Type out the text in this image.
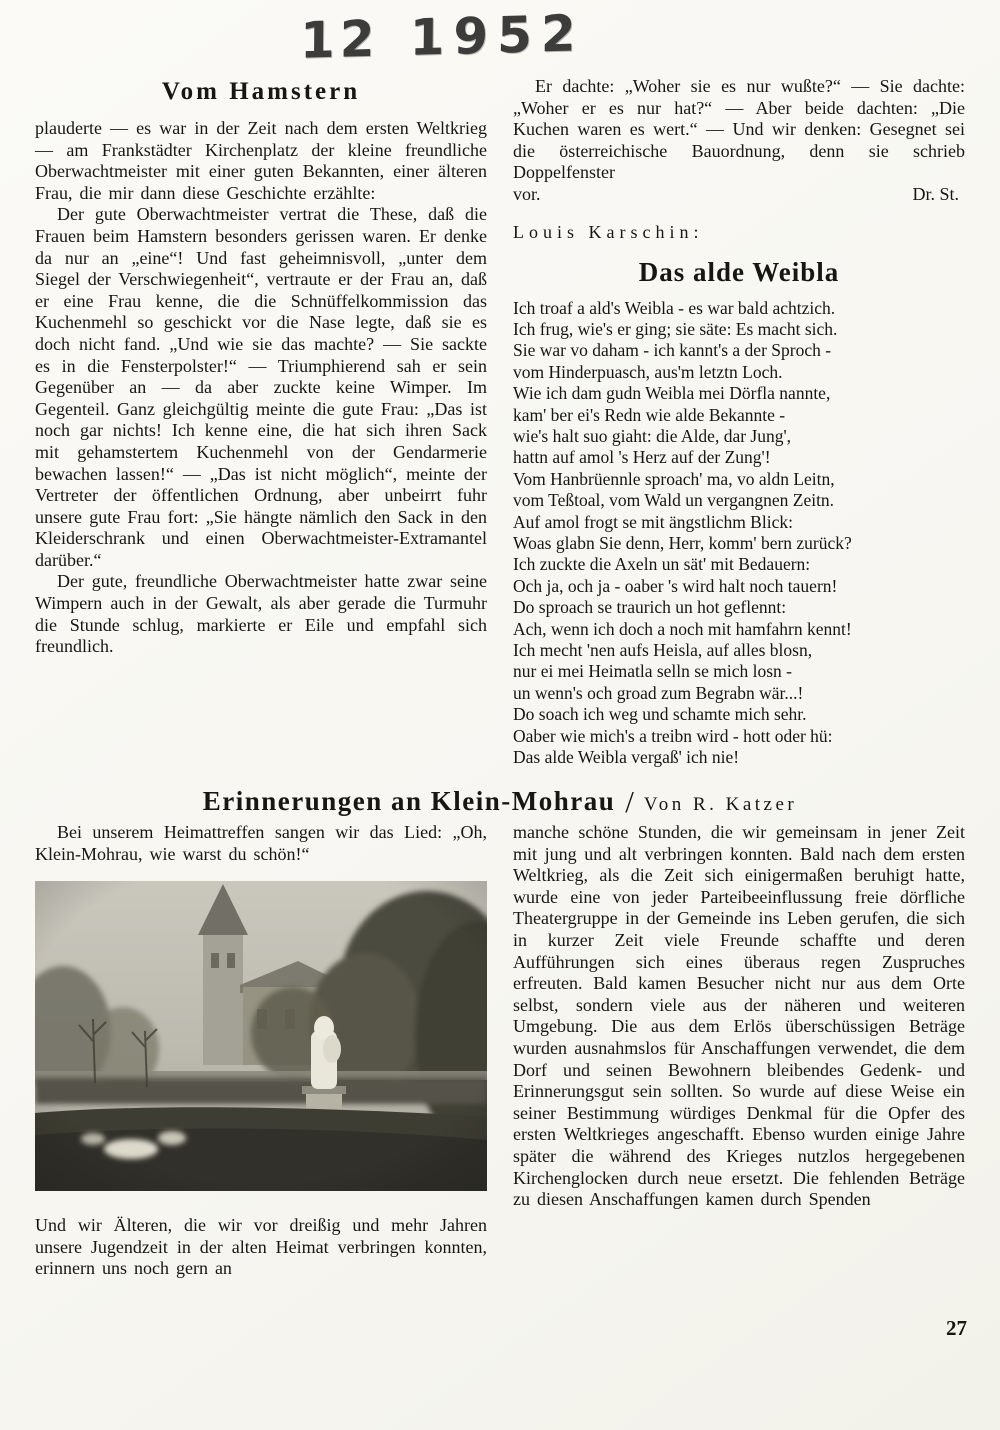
12 1952
Vom Hamstern

plauderte — es war in der Zeit nach dem ersten Weltkrieg — am Frankstädter Kirchenplatz der kleine freundliche Oberwachtmeister mit einer guten Bekannten, einer älteren Frau, die mir dann diese Geschichte erzählte:

Der gute Oberwachtmeister vertrat die These, daß die Frauen beim Hamstern besonders gerissen waren. Er denke da nur an „eine“! Und fast geheimnisvoll, „unter dem Siegel der Verschwiegenheit“, vertraute er der Frau an, daß er eine Frau kenne, die die Schnüffelkommission das Kuchenmehl so geschickt vor die Nase legte, daß sie es doch nicht fand. „Und wie sie das machte? — Sie sackte es in die Fensterpolster!“ — Triumphierend sah er sein Gegenüber an — da aber zuckte keine Wimper. Im Gegenteil. Ganz gleichgültig meinte die gute Frau: „Das ist noch gar nichts! Ich kenne eine, die hat sich ihren Sack mit gehamstertem Kuchenmehl von der Gendarmerie bewachen lassen!“ — „Das ist nicht möglich“, meinte der Vertreter der öffentlichen Ordnung, aber unbeirrt fuhr unsere gute Frau fort: „Sie hängte nämlich den Sack in den Kleiderschrank und einen Oberwachtmeister-Extramantel darüber.“

Der gute, freundliche Oberwachtmeister hatte zwar seine Wimpern auch in der Gewalt, als aber gerade die Turmuhr die Stunde schlug, markierte er Eile und empfahl sich freundlich.

Er dachte: „Woher sie es nur wußte?“ — Sie dachte: „Woher er es nur hat?“ — Aber beide dachten: „Die Kuchen waren es wert.“ — Und wir denken: Gesegnet sei die österreichische Bauordnung, denn sie schrieb Doppelfenster

vor.	Dr. St.
Louis Karschin:
Das alde Weibla
Ich troaf a ald's Weibla - es war bald achtzich.
Ich frug, wie's er ging; sie säte: Es macht sich.
Sie war vo daham - ich kannt's a der Sproch -
vom Hinderpuasch, aus'm letztn Loch.
Wie ich dam gudn Weibla mei Dörfla nannte,
kam' ber ei's Redn wie alde Bekannte -
wie's halt suo giaht: die Alde, dar Jung',
hattn auf amol 's Herz auf der Zung'!
Vom Hanbrüennle sproach' ma, vo aldn Leitn,
vom Teßtoal, vom Wald un vergangnen Zeitn.
Auf amol frogt se mit ängstlichm Blick:
Woas glabn Sie denn, Herr, komm' bern zurück?
Ich zuckte die Axeln un sät' mit Bedauern:
Och ja, och ja - oaber 's wird halt noch tauern!
Do sproach se traurich un hot geflennt:
Ach, wenn ich doch a noch mit hamfahrn kennt!
Ich mecht 'nen aufs Heisla, auf alles blosn,
nur ei mei Heimatla selln se mich losn -
un wenn's och groad zum Begrabn wär...!
Do soach ich weg und schamte mich sehr.
Oaber wie mich's a treibn wird - hott oder hü:
Das alde Weibla vergaß' ich nie!
Erinnerungen an Klein-Mohrau / Von R. Katzer

Bei unserem Heimattreffen sangen wir das Lied: „Oh, Klein-Mohrau, wie warst du schön!“

Und wir Älteren, die wir vor dreißig und mehr Jahren unsere Jugendzeit in der alten Heimat verbringen konnten, erinnern uns noch gern an

manche schöne Stunden, die wir gemeinsam in jener Zeit mit jung und alt verbringen konnten. Bald nach dem ersten Weltkrieg, als die Zeit sich einigermaßen beruhigt hatte, wurde eine von jeder Parteibeeinflussung freie dörfliche Theatergruppe in der Gemeinde ins Leben gerufen, die sich in kurzer Zeit viele Freunde schaffte und deren Aufführungen sich eines überaus regen Zuspruches erfreuten. Bald kamen Besucher nicht nur aus dem Orte selbst, sondern viele aus der näheren und weiteren Umgebung. Die aus dem Erlös überschüssigen Beträge wurden ausnahmslos für Anschaffungen verwendet, die dem Dorf und seinen Bewohnern bleibendes Gedenk- und Erinnerungsgut sein sollten. So wurde auf diese Weise ein seiner Bestimmung würdiges Denkmal für die Opfer des ersten Weltkrieges angeschafft. Ebenso wurden einige Jahre später die während des Krieges nutzlos hergegebenen Kirchenglocken durch neue ersetzt. Die fehlenden Beträge zu diesen Anschaffungen kamen durch Spenden

27
